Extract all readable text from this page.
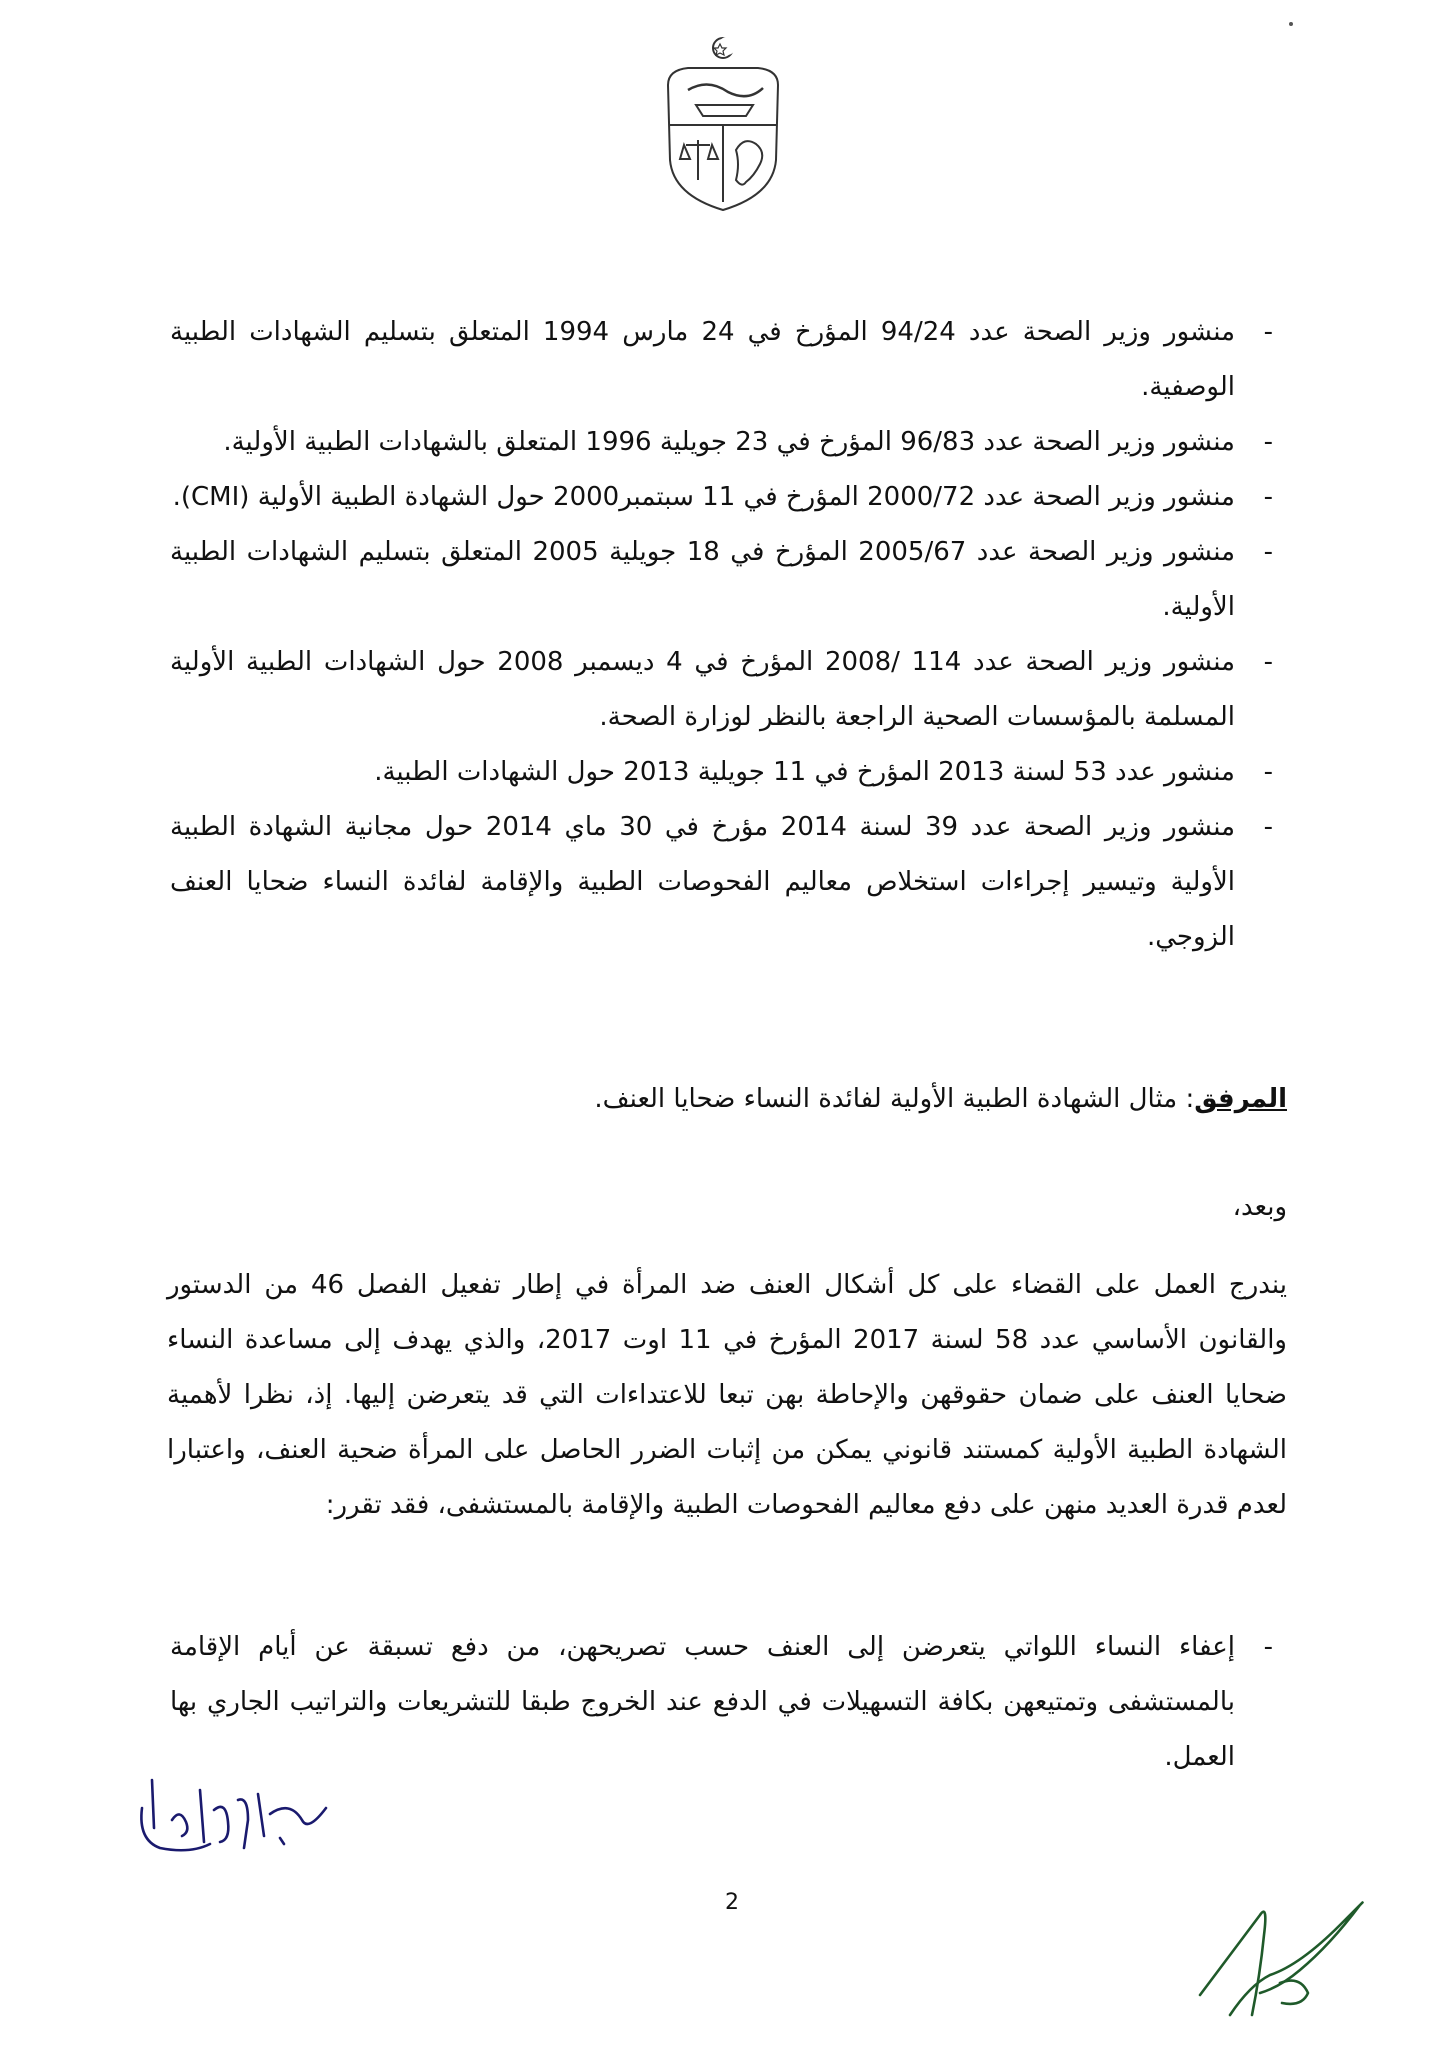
-
منشور وزير الصحة عدد 94/24 المؤرخ في 24 مارس 1994 المتعلق بتسليم الشهادات الطبية الوصفية.
-
منشور وزير الصحة عدد 96/83 المؤرخ في 23 جويلية 1996 المتعلق بالشهادات الطبية الأولية.
-
منشور وزير الصحة عدد 2000/72 المؤرخ في 11 سبتمبر2000 حول الشهادة الطبية الأولية (CMI).
-
منشور وزير الصحة عدد 2005/67 المؤرخ في 18 جويلية 2005 المتعلق بتسليم الشهادات الطبية الأولية.
-
منشور وزير الصحة عدد 114 /2008 المؤرخ في 4 ديسمبر 2008 حول الشهادات الطبية الأولية المسلمة بالمؤسسات الصحية الراجعة بالنظر لوزارة الصحة.
-
منشور عدد 53 لسنة 2013 المؤرخ في 11 جويلية 2013 حول الشهادات الطبية.
-
منشور وزير الصحة عدد 39 لسنة 2014 مؤرخ في 30 ماي 2014 حول مجانية الشهادة الطبية الأولية وتيسير إجراءات استخلاص معاليم الفحوصات الطبية والإقامة لفائدة النساء ضحايا العنف الزوجي.
المرفق: مثال الشهادة الطبية الأولية لفائدة النساء ضحايا العنف.
وبعد،
يندرج العمل على القضاء على كل أشكال العنف ضد المرأة في إطار تفعيل الفصل 46 من الدستور والقانون الأساسي عدد 58 لسنة 2017 المؤرخ في 11 اوت 2017، والذي يهدف إلى مساعدة النساء ضحايا العنف على ضمان حقوقهن والإحاطة بهن تبعا للاعتداءات التي قد يتعرضن إليها. إذ، نظرا لأهمية الشهادة الطبية الأولية كمستند قانوني يمكن من إثبات الضرر الحاصل على المرأة ضحية العنف، واعتبارا لعدم قدرة العديد منهن على دفع معاليم الفحوصات الطبية والإقامة بالمستشفى، فقد تقرر:
-
إعفاء النساء اللواتي يتعرضن إلى العنف حسب تصريحهن، من دفع تسبقة عن أيام الإقامة بالمستشفى وتمتيعهن بكافة التسهيلات في الدفع عند الخروج طبقا للتشريعات والتراتيب الجاري بها العمل.
2
